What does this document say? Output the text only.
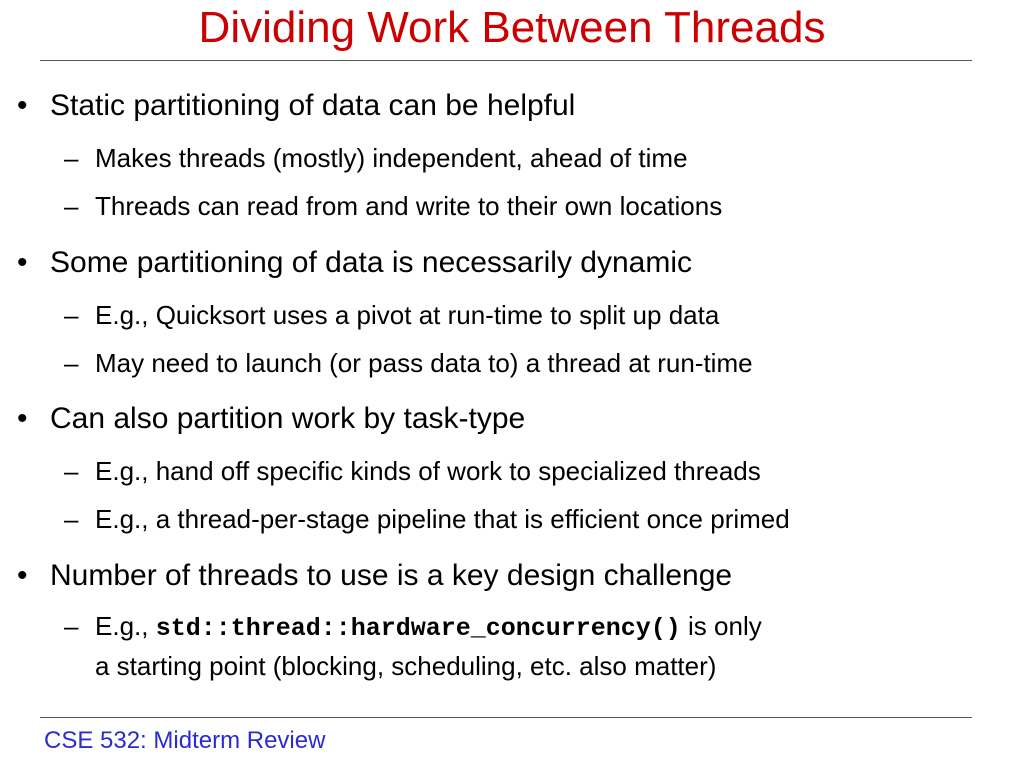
Dividing Work Between Threads
• Static partitioning of data can be helpful
– Makes threads (mostly) independent, ahead of time
– Threads can read from and write to their own locations
• Some partitioning of data is necessarily dynamic
– E.g., Quicksort uses a pivot at run-time to split up data
– May need to launch (or pass data to) a thread at run-time
• Can also partition work by task-type
– E.g., hand off specific kinds of work to specialized threads
– E.g., a thread-per-stage pipeline that is efficient once primed
• Number of threads to use is a key design challenge
– E.g., std::thread::hardware_concurrency() is only
a starting point (blocking, scheduling, etc. also matter)
CSE 532: Midterm Review
